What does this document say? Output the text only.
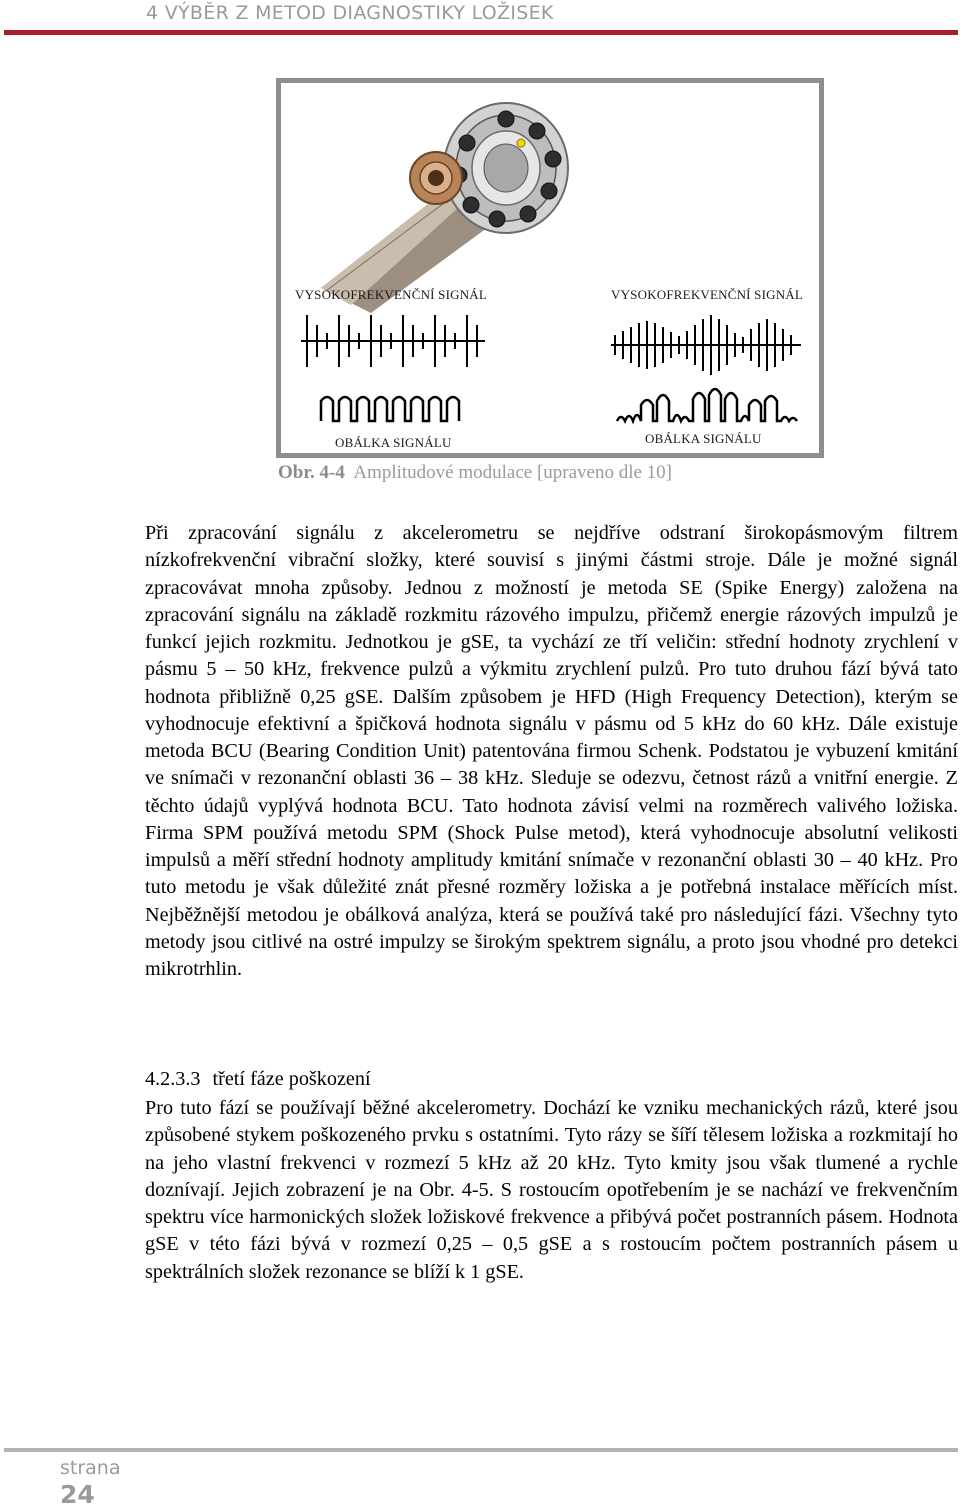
4 VÝBĚR Z METOD DIAGNOSTIKY LOŽISEK
VYSOKOFREKVENČNÍ SIGNÁL	VYSOKOFREKVENČNÍ SIGNÁL
OBÁLKA SIGNÁLU	OBÁLKA SIGNÁLU
Obr. 4-4  Amplitudové modulace [upraveno dle 10]
Při zpracování signálu z akcelerometru se nejdříve odstraní širokopásmovým filtrem nízkofrekvenční vibrační složky, které souvisí s jinými částmi stroje. Dále je možné signál zpracovávat mnoha způsoby. Jednou z možností je metoda SE (Spike Energy) založena na zpracování signálu na základě rozkmitu rázového impulzu, přičemž energie rázových impulzů je funkcí jejich rozkmitu. Jednotkou je gSE, ta vychází ze tří veličin: střední hodnoty zrychlení v pásmu 5 – 50 kHz, frekvence pulzů a výkmitu zrychlení pulzů. Pro tuto druhou fází bývá tato hodnota přibližně 0,25 gSE. Dalším způsobem je HFD (High Frequency Detection), kterým se vyhodnocuje efektivní a špičková hodnota signálu v pásmu od 5 kHz do 60 kHz. Dále existuje metoda BCU (Bearing Condition Unit) patentována firmou Schenk. Podstatou je vybuzení kmitání ve snímači v rezonanční oblasti 36 – 38 kHz. Sleduje se odezvu, četnost rázů a vnitřní energie. Z těchto údajů vyplývá hodnota BCU. Tato hodnota závisí velmi na rozměrech valivého ložiska. Firma SPM používá metodu SPM (Shock Pulse metod), která vyhodnocuje absolutní velikosti impulsů a měří střední hodnoty amplitudy kmitání snímače v rezonanční oblasti 30 – 40 kHz. Pro tuto metodu je však důležité znát přesné rozměry ložiska a je potřebná instalace měřících míst. Nejběžnější metodou je obálková analýza, která se používá také pro následující fázi. Všechny tyto metody jsou citlivé na ostré impulzy se širokým spektrem signálu, a proto jsou vhodné pro detekci mikrotrhlin.
4.2.3.3 třetí fáze poškození
Pro tuto fází se používají běžné akcelerometry. Dochází ke vzniku mechanických rázů, které jsou způsobené stykem poškozeného prvku s ostatními. Tyto rázy se šíří tělesem ložiska a rozkmitají ho na jeho vlastní frekvenci v rozmezí 5 kHz až 20 kHz. Tyto kmity jsou však tlumené a rychle doznívají. Jejich zobrazení je na Obr. 4-5. S rostoucím opotřebením je se nachází ve frekvenčním spektru více harmonických složek ložiskové frekvence a přibývá počet postranních pásem. Hodnota gSE v této fázi bývá v rozmezí 0,25 – 0,5 gSE a s rostoucím počtem postranních pásem u spektrálních složek rezonance se blíží k 1 gSE.
strana
24
